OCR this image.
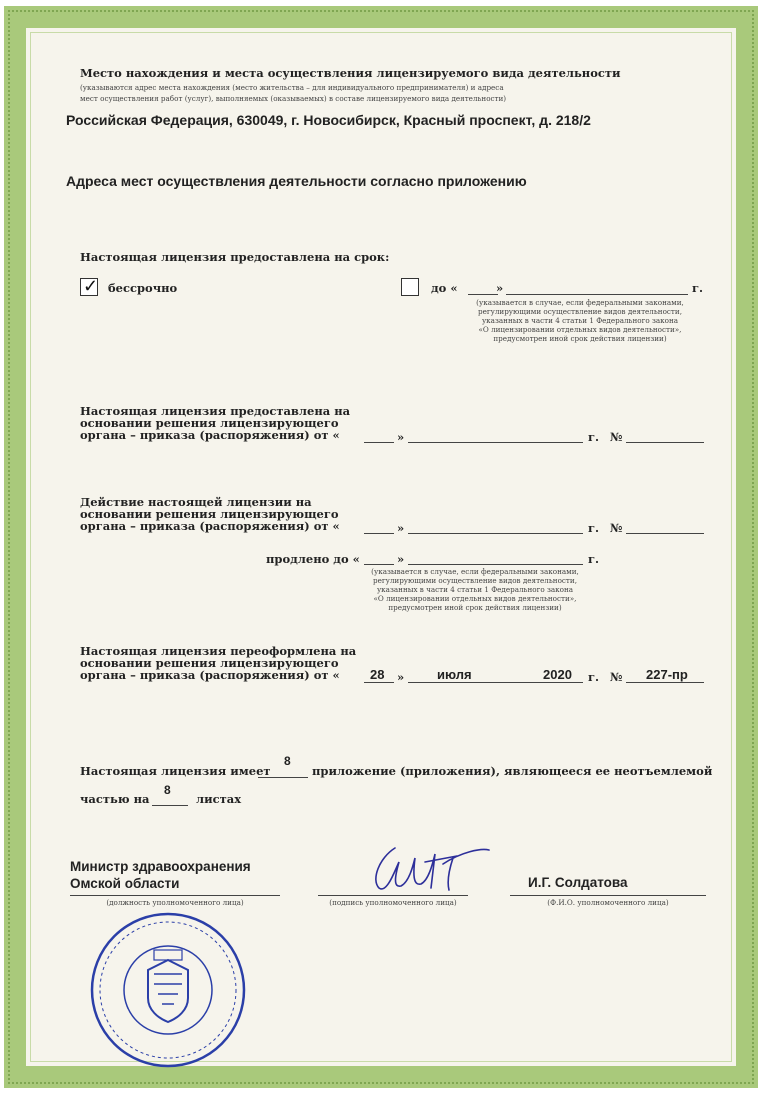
Место нахождения и места осуществления лицензируемого вида деятельности
(указываются адрес места нахождения (место жительства – для индивидуального предпринимателя) и адреса
мест осуществления работ (услуг), выполняемых (оказываемых) в составе лицензируемого вида деятельности)
Российская Федерация, 630049, г. Новосибирск, Красный проспект, д. 218/2
Адреса мест осуществления деятельности согласно приложению
Настоящая лицензия предоставлена на срок:
✓ бессрочно	до «	»	г.
(указывается в случае, если федеральными законами,
регулирующими осуществление видов деятельности,
указанных в части 4 статьи 1 Федерального закона
«О лицензировании отдельных видов деятельности»,
предусмотрен иной срок действия лицензии)
Настоящая лицензия предоставлена на
основании решения лицензирующего
органа – приказа (распоряжения) от «	»	г. №
Действие настоящей лицензии на
основании решения лицензирующего
органа – приказа (распоряжения) от «	»	г. №
продлено до «	»	г.
(указывается в случае, если федеральными законами,
регулирующими осуществление видов деятельности,
указанных в части 4 статьи 1 Федерального закона
«О лицензировании отдельных видов деятельности»,
предусмотрен иной срок действия лицензии)
Настоящая лицензия переоформлена на
основании решения лицензирующего
органа – приказа (распоряжения) от «	28 »	июля	2020 г. № 227-пр
Настоящая лицензия имеет
8
приложение (приложения), являющееся ее неотъемлемой
частью на
8
листах
Министр здравоохранения
Омской области
(должность уполномоченного лица)	(подпись уполномоченного лица)
И.Г. Солдатова
(Ф.И.О. уполномоченного лица)
